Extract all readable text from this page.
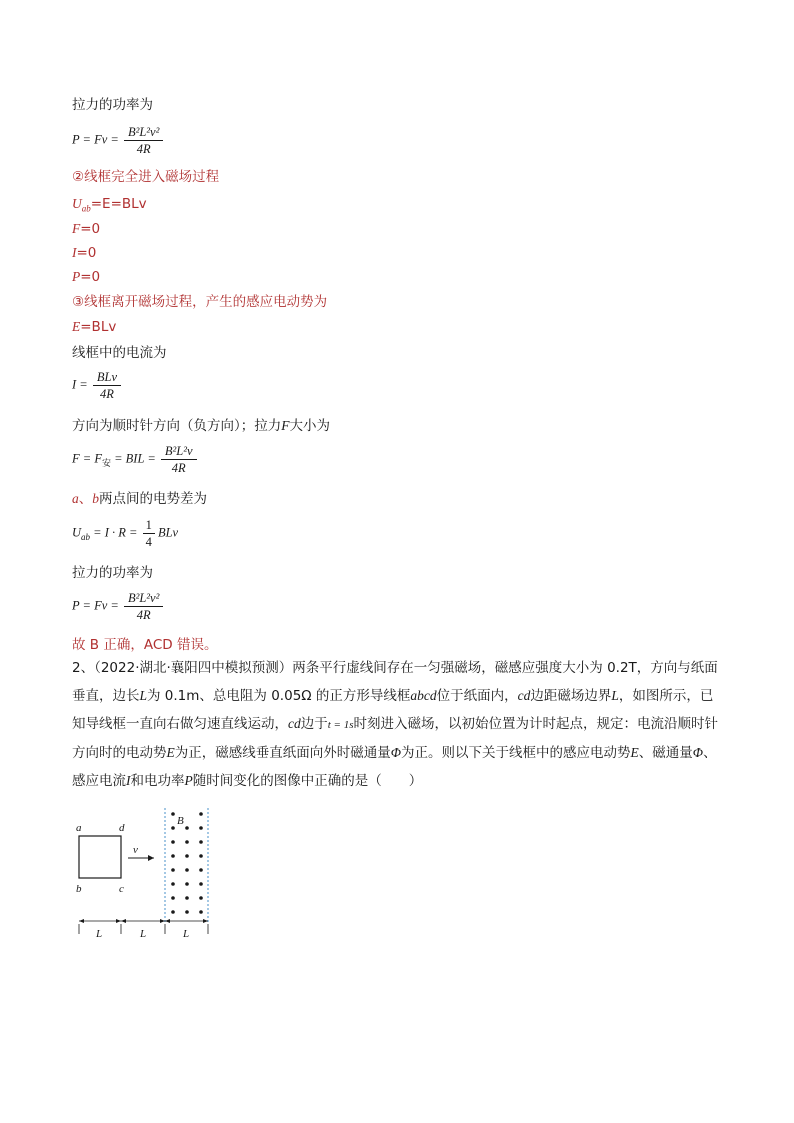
拉力的功率为
$P = Fv = \frac{\text{B²L²v²}}{4R}$
②线框完全进入磁场过程
$U_{ab}=E=BLv$
F=0
I=0
P=0
③线框离开磁场过程，产生的感应电动势为
E=BLv
线框中的电流为
$I = \frac{\text{BLv}}{4R}$
方向为顺时针方向（负方向）；拉力F大小为
$F = F_安$ = BIL = $\frac{\text{B²L²v}}{4R}$
a、b两点间的电势差为
$U_{ab} = I \cdot R = \frac{1}{4}$ BLv
拉力的功率为
$P = Fv = \frac{\text{B²L²v²}}{4R}$
故 B 正确，ACD 错误。
2、（2022·湖北·襄阳四中模拟预测）两条平行虚线间存在一匀强磁场，磁感应强度大小为 0.2T，方向与纸面垂直，边长L为 0.1m、总电阻为 0.05Ω 的正方形导线框abcd位于纸面内，cd边距磁场边界L，如图所示，已知导线框一直向右做匀速直线运动，cd边于t = 1s时刻进入磁场，以初始位置为计时起点，规定：电流沿顺时针方向时的电动势E为正，磁感线垂直纸面向外时磁通量Φ为正。则以下关于线框中的感应电动势E、磁通量Φ、感应电流I和电功率P随时间变化的图像中正确的是（　　）
a	d
b	c
v
B
L	L	L
